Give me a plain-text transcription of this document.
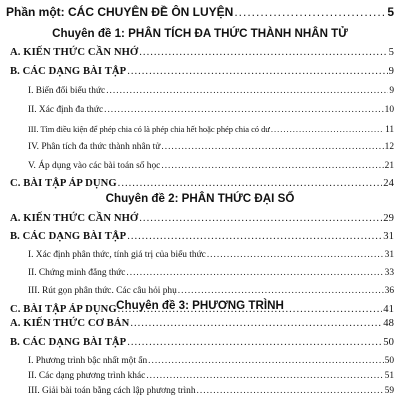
Phần một: CÁC CHUYÊN ĐỀ ÔN LUYỆN .....	5
Chuyên đề 1: PHÂN TÍCH ĐA THỨC THÀNH NHÂN TỬ
A. KIẾN THỨC CẦN NHỚ .....	5
B. CÁC DẠNG BÀI TẬP .....	9
I. Biến đổi biểu thức .....	9
II. Xác định đa thức .....	10
III. Tìm điều kiện để phép chia có là phép chia hết hoặc phép chia có dư .....	11
IV. Phân tích đa thức thành nhân tử .....	12
V. Áp dụng vào các bài toán số học .....	21
C. BÀI TẬP ÁP DỤNG .....	24
Chuyên đề 2: PHÂN THỨC ĐẠI SỐ
A. KIẾN THỨC CẦN NHỚ .....	29
B. CÁC DẠNG BÀI TẬP .....	31
I. Xác định phân thức, tính giá trị của biểu thức .....	31
II. Chứng minh đẳng thức .....	33
III. Rút gọn phân thức. Các câu hỏi phụ .....	36
C. BÀI TẬP ÁP DỤNG .....	41
Chuyên đề 3: PHƯƠNG TRÌNH
A. KIẾN THỨC CƠ BẢN .....	48
B. CÁC DẠNG BÀI TẬP .....	50
I. Phương trình bậc nhất một ẩn .....	50
II. Các dạng phương trình khác .....	51
III. Giải bài toán bằng cách lập phương trình .....	59
